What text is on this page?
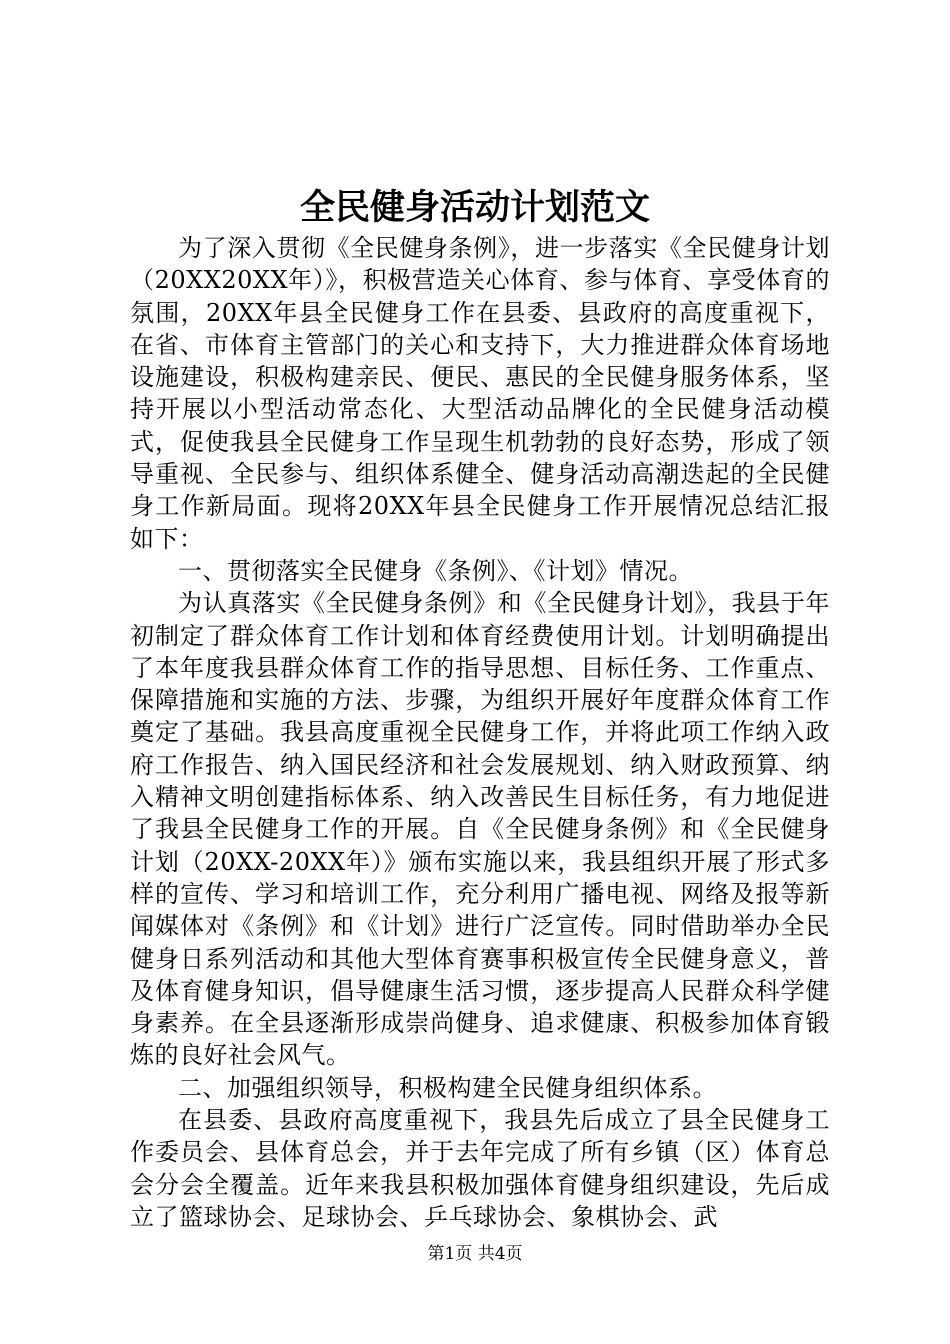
全民健身活动计划范文

为了深入贯彻《全民健身条例》，进一步落实《全民健身计划（20XX20XX年）》，积极营造关心体育、参与体育、享受体育的氛围，20XX年县全民健身工作在县委、县政府的高度重视下，在省、市体育主管部门的关心和支持下，大力推进群众体育场地设施建设，积极构建亲民、便民、惠民的全民健身服务体系，坚持开展以小型活动常态化、大型活动品牌化的全民健身活动模式，促使我县全民健身工作呈现生机勃勃的良好态势，形成了领导重视、全民参与、组织体系健全、健身活动高潮迭起的全民健身工作新局面。现将20XX年县全民健身工作开展情况总结汇报如下：

一、贯彻落实全民健身《条例》、《计划》情况。

为认真落实《全民健身条例》和《全民健身计划》，我县于年初制定了群众体育工作计划和体育经费使用计划。计划明确提出了本年度我县群众体育工作的指导思想、目标任务、工作重点、保障措施和实施的方法、步骤，为组织开展好年度群众体育工作奠定了基础。我县高度重视全民健身工作，并将此项工作纳入政府工作报告、纳入国民经济和社会发展规划、纳入财政预算、纳入精神文明创建指标体系、纳入改善民生目标任务，有力地促进了我县全民健身工作的开展。自《全民健身条例》和《全民健身计划（20XX-20XX年）》颁布实施以来，我县组织开展了形式多样的宣传、学习和培训工作，充分利用广播电视、网络及报等新闻媒体对《条例》和《计划》进行广泛宣传。同时借助举办全民健身日系列活动和其他大型体育赛事积极宣传全民健身意义，普及体育健身知识，倡导健康生活习惯，逐步提高人民群众科学健身素养。在全县逐渐形成崇尚健身、追求健康、积极参加体育锻炼的良好社会风气。

二、加强组织领导，积极构建全民健身组织体系。

在县委、县政府高度重视下，我县先后成立了县全民健身工作委员会、县体育总会，并于去年完成了所有乡镇（区）体育总会分会全覆盖。近年来我县积极加强体育健身组织建设，先后成立了篮球协会、足球协会、乒乓球协会、象棋协会、武

第1页 共4页
